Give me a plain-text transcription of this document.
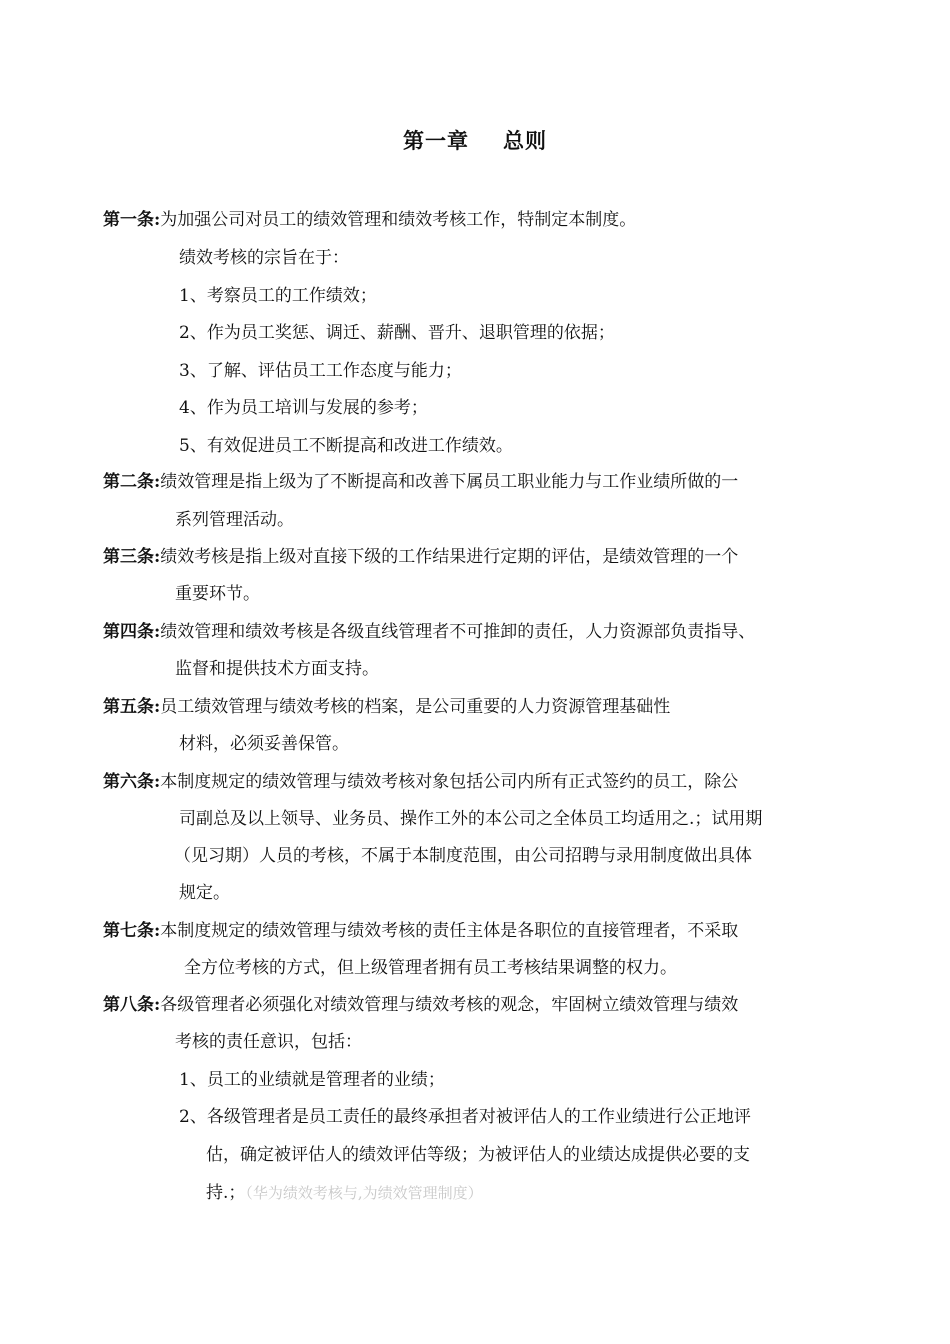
第一章 总则
第一条:为加强公司对员工的绩效管理和绩效考核工作，特制定本制度。
绩效考核的宗旨在于：
1、考察员工的工作绩效；
2、作为员工奖惩、调迁、薪酬、晋升、退职管理的依据；
3、了解、评估员工工作态度与能力；
4、作为员工培训与发展的参考；
5、有效促进员工不断提高和改进工作绩效。
第二条:绩效管理是指上级为了不断提高和改善下属员工职业能力与工作业绩所做的一
系列管理活动。
第三条:绩效考核是指上级对直接下级的工作结果进行定期的评估，是绩效管理的一个
重要环节。
第四条:绩效管理和绩效考核是各级直线管理者不可推卸的责任，人力资源部负责指导、
监督和提供技术方面支持。
第五条:员工绩效管理与绩效考核的档案，是公司重要的人力资源管理基础性
材料，必须妥善保管。
第六条:本制度规定的绩效管理与绩效考核对象包括公司内所有正式签约的员工，除公
司副总及以上领导、业务员、操作工外的本公司之全体员工均适用之.；试用期
（见习期）人员的考核，不属于本制度范围，由公司招聘与录用制度做出具体
规定。
第七条:本制度规定的绩效管理与绩效考核的责任主体是各职位的直接管理者，不采取
全方位考核的方式，但上级管理者拥有员工考核结果调整的权力。
第八条:各级管理者必须强化对绩效管理与绩效考核的观念，牢固树立绩效管理与绩效
考核的责任意识，包括：
1、员工的业绩就是管理者的业绩；
2、各级管理者是员工责任的最终承担者对被评估人的工作业绩进行公正地评
估，确定被评估人的绩效评估等级；为被评估人的业绩达成提供必要的支
持.；（华为绩效考核与,为绩效管理制度）
